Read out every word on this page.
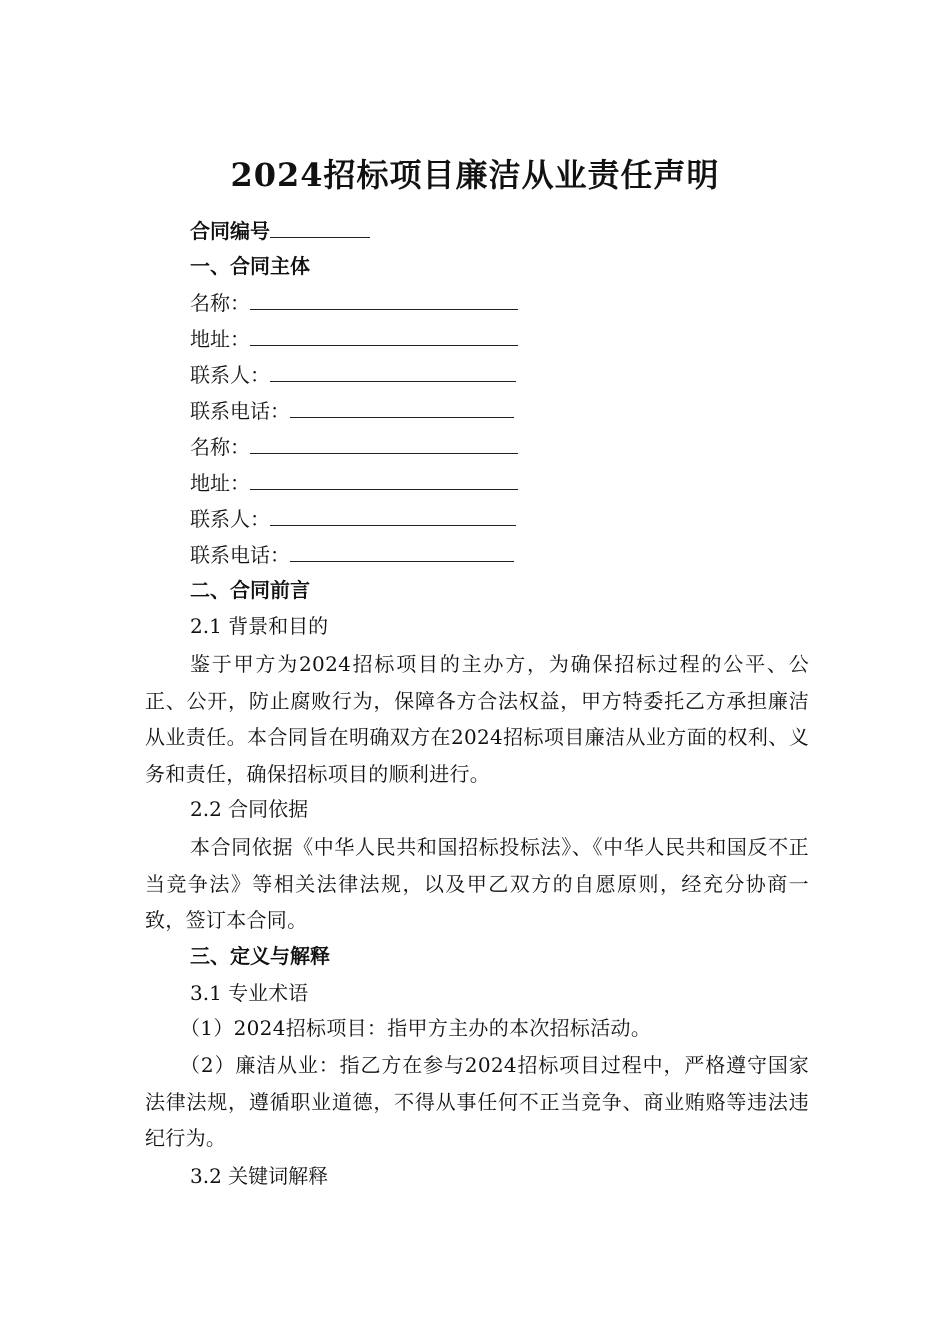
2024招标项目廉洁从业责任声明
合同编号
一、合同主体
名称：
地址：
联系人：
联系电话：
名称：
地址：
联系人：
联系电话：
二、合同前言
2.1 背景和目的
鉴于甲方为2024招标项目的主办方，为确保招标过程的公平、公正、公开，防止腐败行为，保障各方合法权益，甲方特委托乙方承担廉洁从业责任。本合同旨在明确双方在2024招标项目廉洁从业方面的权利、义务和责任，确保招标项目的顺利进行。
2.2 合同依据
本合同依据《中华人民共和国招标投标法》、《中华人民共和国反不正当竞争法》等相关法律法规，以及甲乙双方的自愿原则，经充分协商一致，签订本合同。
三、定义与解释
3.1 专业术语
（1）2024招标项目：指甲方主办的本次招标活动。
（2）廉洁从业：指乙方在参与2024招标项目过程中，严格遵守国家法律法规，遵循职业道德，不得从事任何不正当竞争、商业贿赂等违法违纪行为。
3.2 关键词解释
